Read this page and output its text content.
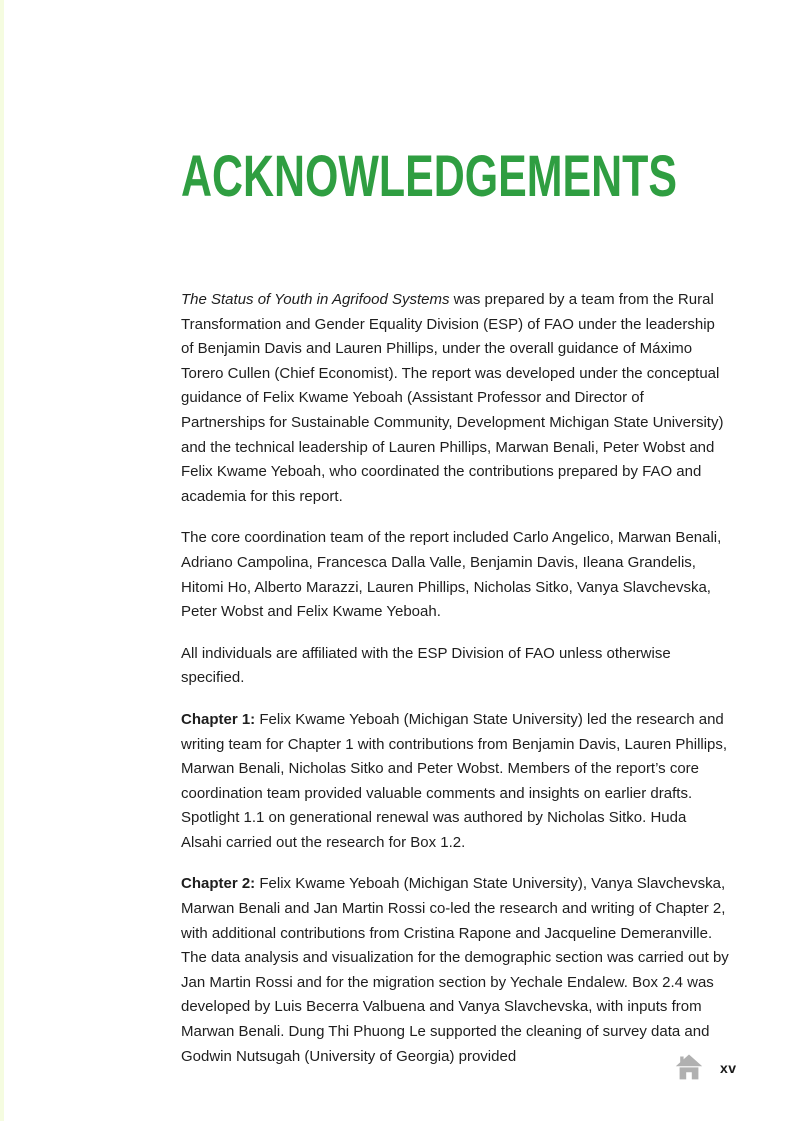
ACKNOWLEDGEMENTS

The Status of Youth in Agrifood Systems was prepared by a team from the Rural Transformation and Gender Equality Division (ESP) of FAO under the leadership of Benjamin Davis and Lauren Phillips, under the overall guidance of Máximo Torero Cullen (Chief Economist). The report was developed under the conceptual guidance of Felix Kwame Yeboah (Assistant Professor and Director of Partnerships for Sustainable Community, Development Michigan State University) and the technical leadership of Lauren Phillips, Marwan Benali, Peter Wobst and Felix Kwame Yeboah, who coordinated the contributions prepared by FAO and academia for this report.

The core coordination team of the report included Carlo Angelico, Marwan Benali, Adriano Campolina, Francesca Dalla Valle, Benjamin Davis, Ileana Grandelis, Hitomi Ho, Alberto Marazzi, Lauren Phillips, Nicholas Sitko, Vanya Slavchevska, Peter Wobst and Felix Kwame Yeboah.

All individuals are affiliated with the ESP Division of FAO unless otherwise specified.

Chapter 1: Felix Kwame Yeboah (Michigan State University) led the research and writing team for Chapter 1 with contributions from Benjamin Davis, Lauren Phillips, Marwan Benali, Nicholas Sitko and Peter Wobst. Members of the report’s core coordination team provided valuable comments and insights on earlier drafts. Spotlight 1.1 on generational renewal was authored by Nicholas Sitko. Huda Alsahi carried out the research for Box 1.2.

Chapter 2: Felix Kwame Yeboah (Michigan State University), Vanya Slavchevska, Marwan Benali and Jan Martin Rossi co-led the research and writing of Chapter 2, with additional contributions from Cristina Rapone and Jacqueline Demeranville. The data analysis and visualization for the demographic section was carried out by Jan Martin Rossi and for the migration section by Yechale Endalew. Box 2.4 was developed by Luis Becerra Valbuena and Vanya Slavchevska, with inputs from Marwan Benali. Dung Thi Phuong Le supported the cleaning of survey data and Godwin Nutsugah (University of Georgia) provided

xv
